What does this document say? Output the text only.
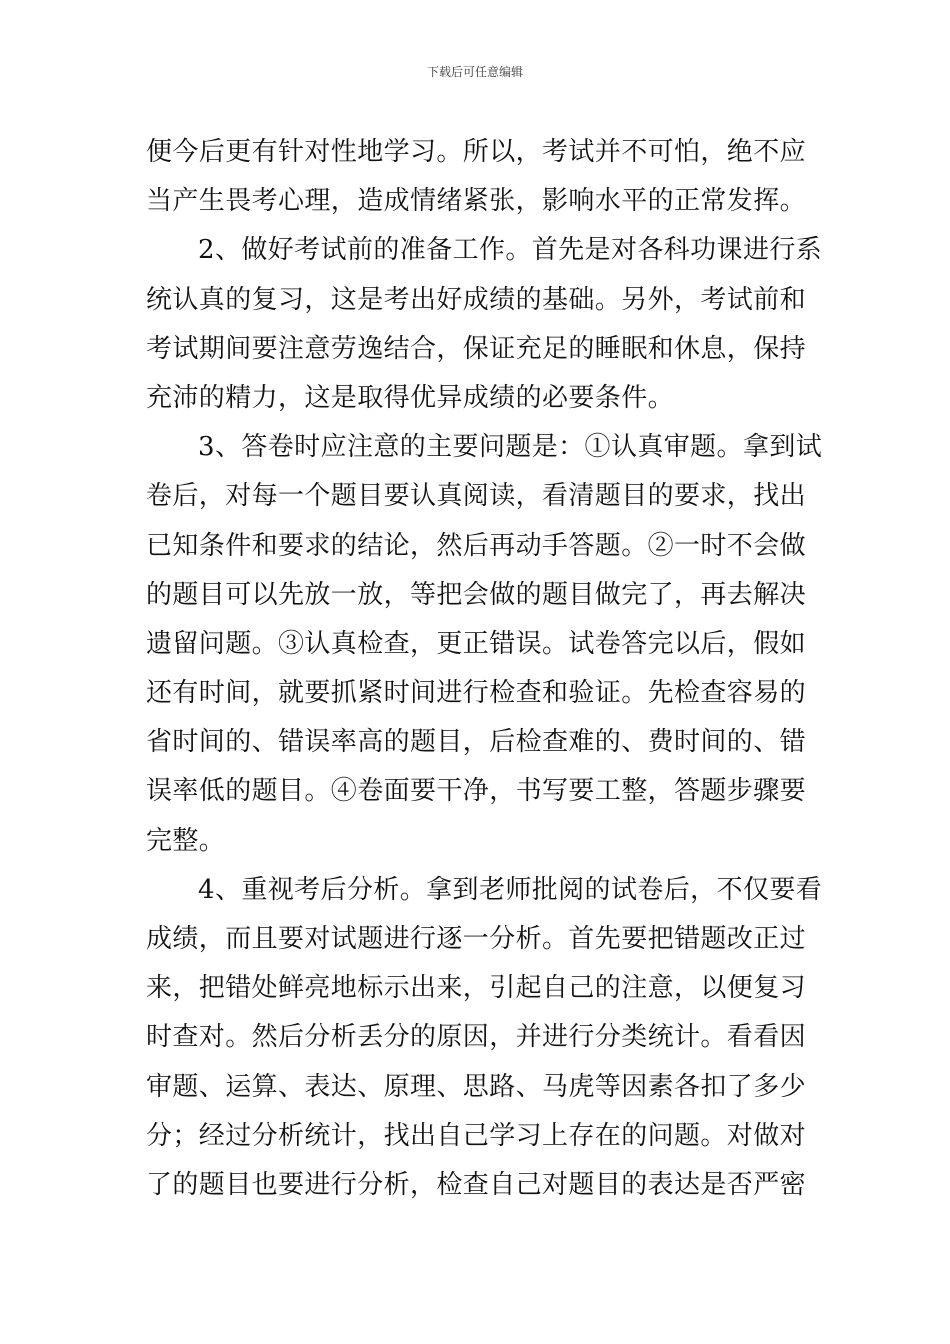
下载后可任意编辑
便今后更有针对性地学习。所以，考试并不可怕，绝不应
当产生畏考心理，造成情绪紧张，影响水平的正常发挥。
2、做好考试前的准备工作。首先是对各科功课进行系
统认真的复习，这是考出好成绩的基础。另外，考试前和
考试期间要注意劳逸结合，保证充足的睡眠和休息，保持
充沛的精力，这是取得优异成绩的必要条件。
3、答卷时应注意的主要问题是：①认真审题。拿到试
卷后，对每一个题目要认真阅读，看清题目的要求，找出
已知条件和要求的结论，然后再动手答题。②一时不会做
的题目可以先放一放，等把会做的题目做完了，再去解决
遗留问题。③认真检查，更正错误。试卷答完以后，假如
还有时间，就要抓紧时间进行检查和验证。先检查容易的
省时间的、错误率高的题目，后检查难的、费时间的、错
误率低的题目。④卷面要干净，书写要工整，答题步骤要
完整。
4、重视考后分析。拿到老师批阅的试卷后，不仅要看
成绩，而且要对试题进行逐一分析。首先要把错题改正过
来，把错处鲜亮地标示出来，引起自己的注意，以便复习
时查对。然后分析丢分的原因，并进行分类统计。看看因
审题、运算、表达、原理、思路、马虎等因素各扣了多少
分；经过分析统计，找出自己学习上存在的问题。对做对
了的题目也要进行分析，检查自己对题目的表达是否严密
